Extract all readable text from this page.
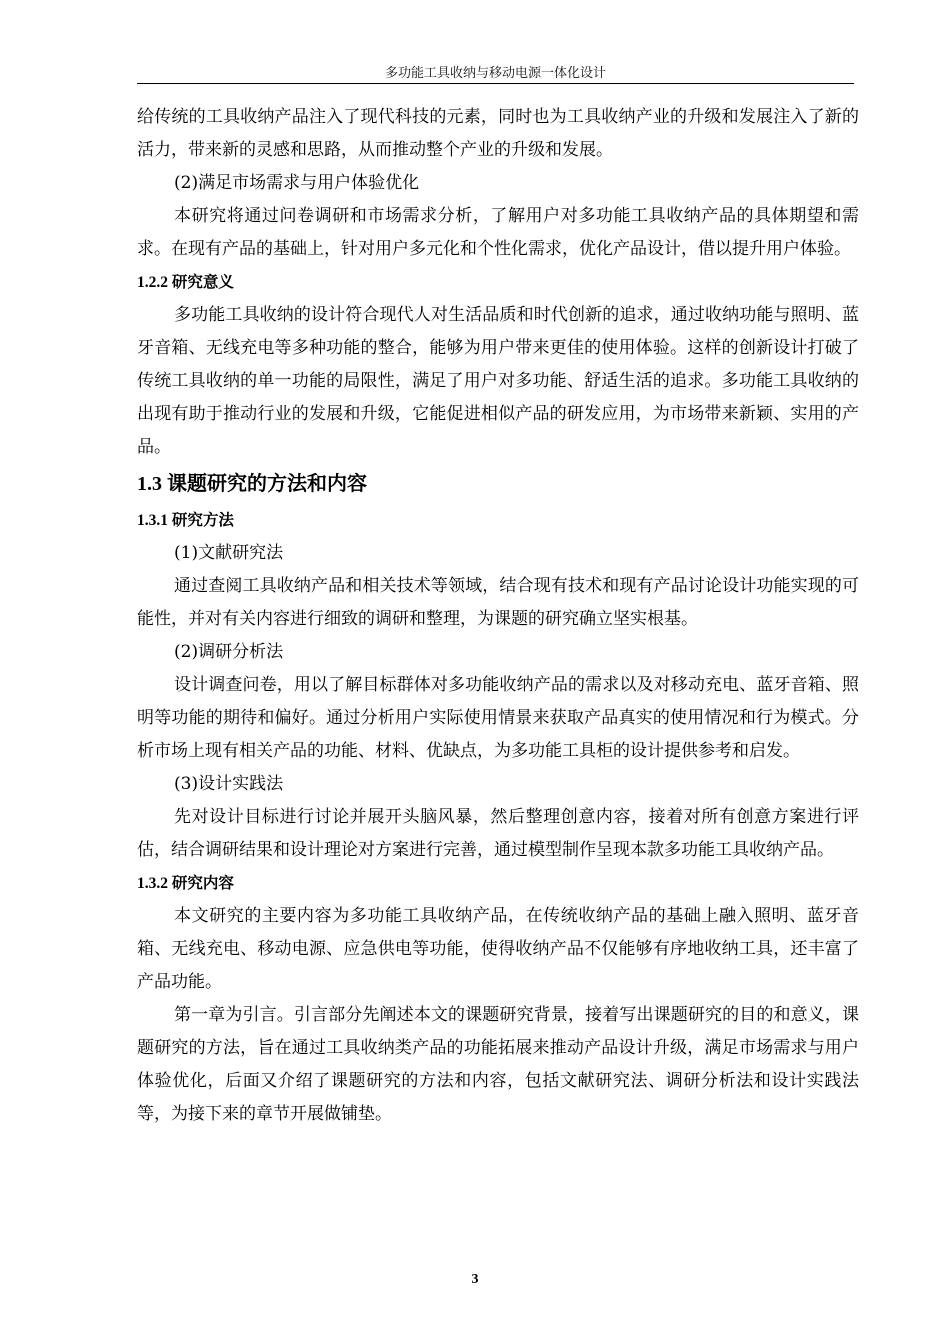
多功能工具收纳与移动电源一体化设计

给传统的工具收纳产品注入了现代科技的元素，同时也为工具收纳产业的升级和发展注入了新的活力，带来新的灵感和思路，从而推动整个产业的升级和发展。

(2)满足市场需求与用户体验优化

本研究将通过问卷调研和市场需求分析，了解用户对多功能工具收纳产品的具体期望和需求。在现有产品的基础上，针对用户多元化和个性化需求，优化产品设计，借以提升用户体验。

1.2.2 研究意义

多功能工具收纳的设计符合现代人对生活品质和时代创新的追求，通过收纳功能与照明、蓝牙音箱、无线充电等多种功能的整合，能够为用户带来更佳的使用体验。这样的创新设计打破了传统工具收纳的单一功能的局限性，满足了用户对多功能、舒适生活的追求。多功能工具收纳的出现有助于推动行业的发展和升级，它能促进相似产品的研发应用，为市场带来新颖、实用的产品。

1.3 课题研究的方法和内容
1.3.1 研究方法

(1)文献研究法

通过查阅工具收纳产品和相关技术等领域，结合现有技术和现有产品讨论设计功能实现的可能性，并对有关内容进行细致的调研和整理，为课题的研究确立坚实根基。

(2)调研分析法

设计调查问卷，用以了解目标群体对多功能收纳产品的需求以及对移动充电、蓝牙音箱、照明等功能的期待和偏好。通过分析用户实际使用情景来获取产品真实的使用情况和行为模式。分析市场上现有相关产品的功能、材料、优缺点，为多功能工具柜的设计提供参考和启发。

(3)设计实践法

先对设计目标进行讨论并展开头脑风暴，然后整理创意内容，接着对所有创意方案进行评估，结合调研结果和设计理论对方案进行完善，通过模型制作呈现本款多功能工具收纳产品。

1.3.2 研究内容

本文研究的主要内容为多功能工具收纳产品，在传统收纳产品的基础上融入照明、蓝牙音箱、无线充电、移动电源、应急供电等功能，使得收纳产品不仅能够有序地收纳工具，还丰富了产品功能。

第一章为引言。引言部分先阐述本文的课题研究背景，接着写出课题研究的目的和意义，课题研究的方法，旨在通过工具收纳类产品的功能拓展来推动产品设计升级，满足市场需求与用户体验优化，后面又介绍了课题研究的方法和内容，包括文献研究法、调研分析法和设计实践法等，为接下来的章节开展做铺垫。

3
